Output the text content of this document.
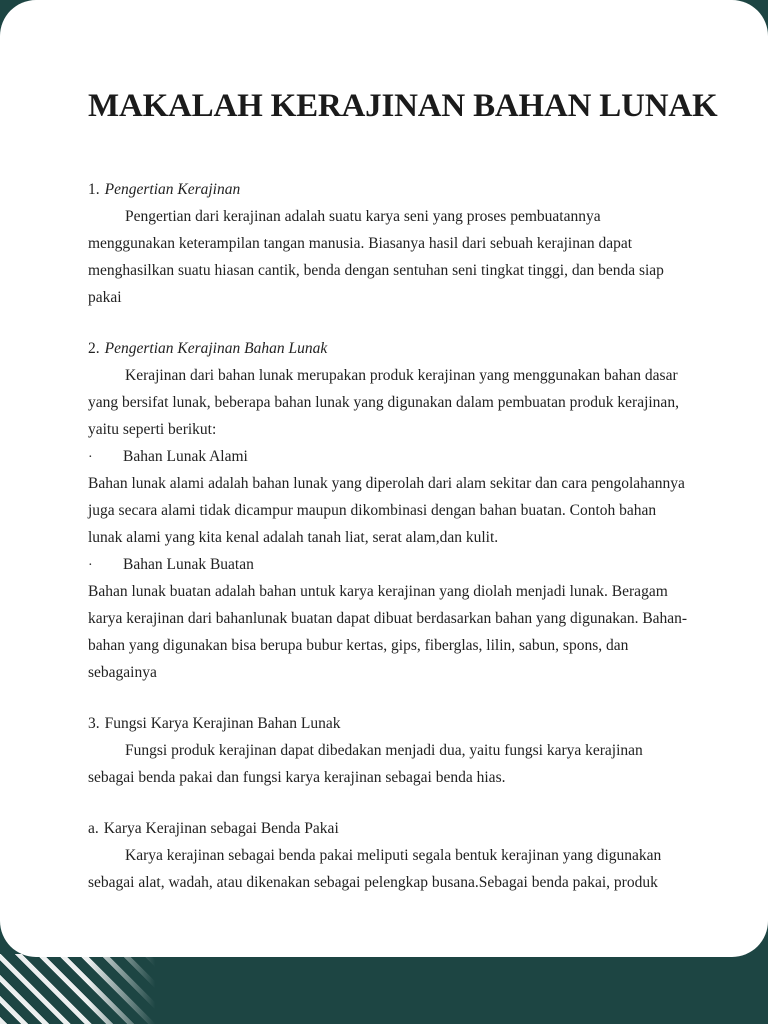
MAKALAH KERAJINAN BAHAN LUNAK
1. Pengertian Kerajinan
Pengertian dari kerajinan adalah suatu karya seni yang proses pembuatannya
menggunakan keterampilan tangan manusia. Biasanya hasil dari sebuah kerajinan dapat
menghasilkan suatu hiasan cantik, benda dengan sentuhan seni tingkat tinggi, dan benda siap
pakai
2. Pengertian Kerajinan Bahan Lunak
Kerajinan dari bahan lunak merupakan produk kerajinan yang menggunakan bahan dasar
yang bersifat lunak, beberapa bahan lunak yang digunakan dalam pembuatan produk kerajinan,
yaitu seperti berikut:
· Bahan Lunak Alami
Bahan lunak alami adalah bahan lunak yang diperolah dari alam sekitar dan cara pengolahannya
juga secara alami tidak dicampur maupun dikombinasi dengan bahan buatan. Contoh bahan
lunak alami yang kita kenal adalah tanah liat, serat alam,dan kulit.
· Bahan Lunak Buatan
Bahan lunak buatan adalah bahan untuk karya kerajinan yang diolah menjadi lunak. Beragam
karya kerajinan dari bahanlunak buatan dapat dibuat berdasarkan bahan yang digunakan. Bahan-
bahan yang digunakan bisa berupa bubur kertas, gips, fiberglas, lilin, sabun, spons, dan
sebagainya
3. Fungsi Karya Kerajinan Bahan Lunak
Fungsi produk kerajinan dapat dibedakan menjadi dua, yaitu fungsi karya kerajinan
sebagai benda pakai dan fungsi karya kerajinan sebagai benda hias.
a. Karya Kerajinan sebagai Benda Pakai
Karya kerajinan sebagai benda pakai meliputi segala bentuk kerajinan yang digunakan
sebagai alat, wadah, atau dikenakan sebagai pelengkap busana.Sebagai benda pakai, produk
